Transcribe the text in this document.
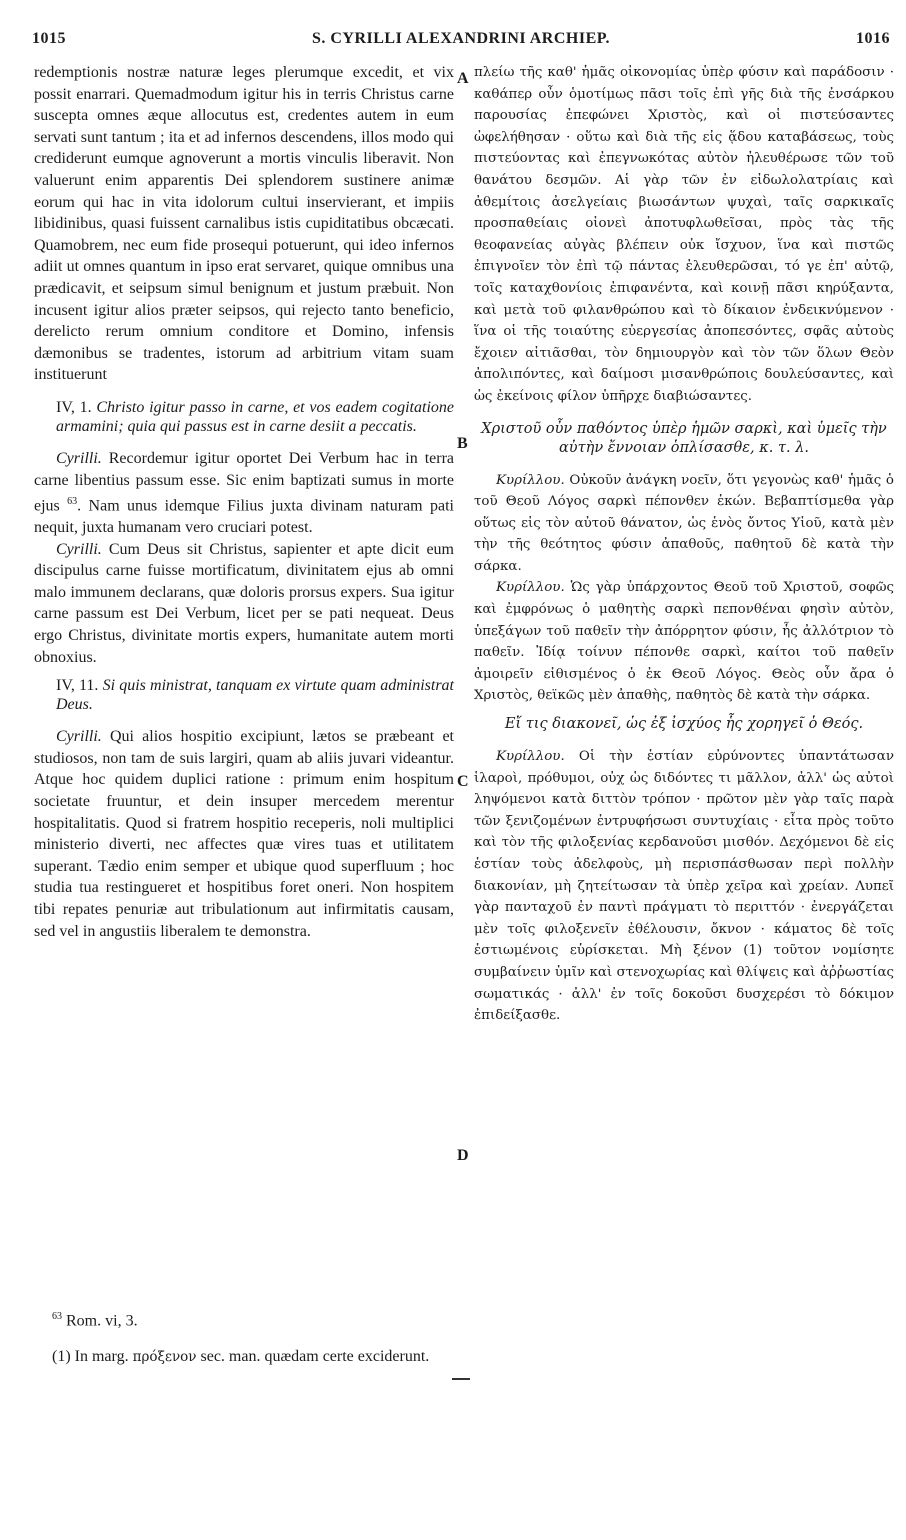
1015	S. CYRILLI ALEXANDRINI ARCHIEP.	1016
A
B
C
D

redemptionis nostræ naturæ leges plerumque excedit, et vix possit enarrari. Quemadmodum igitur his in terris Christus carne suscepta omnes æque allocutus est, credentes autem in eum servati sunt tantum ; ita et ad infernos descendens, illos modo qui crediderunt eumque agnoverunt a mortis vinculis liberavit. Non valuerunt enim apparentis Dei splendorem sustinere animæ eorum qui hac in vita idolorum cultui inservierant, et impiis libidinibus, quasi fuissent carnalibus istis cupiditatibus obcæcati. Quamobrem, nec eum fide prosequi potuerunt, qui ideo infernos adiit ut omnes quantum in ipso erat servaret, quique omnibus una prædicavit, et seipsum simul benignum et justum præbuit. Non incusent igitur alios præter seipsos, qui rejecto tanto beneficio, derelicto rerum omnium conditore et Domino, infensis dæmonibus se tradentes, istorum ad arbitrium vitam suam instituerunt

IV, 1. Christo igitur passo in carne, et vos eadem cogitatione armamini; quia qui passus est in carne desiit a peccatis.

Cyrilli. Recordemur igitur oportet Dei Verbum hac in terra carne libentius passum esse. Sic enim baptizati sumus in morte ejus $^{63}$. Nam unus idemque Filius juxta divinam naturam pati nequit, juxta humanam vero cruciari potest.

Cyrilli. Cum Deus sit Christus, sapienter et apte dicit eum discipulus carne fuisse mortificatum, divinitatem ejus ab omni malo immunem declarans, quæ doloris prorsus expers. Sua igitur carne passum est Dei Verbum, licet per se pati nequeat. Deus ergo Christus, divinitate mortis expers, humanitate autem morti obnoxius.

IV, 11. Si quis ministrat, tanquam ex virtute quam administrat Deus.

Cyrilli. Qui alios hospitio excipiunt, lætos se præbeant et studiosos, non tam de suis largiri, quam ab aliis juvari videantur. Atque hoc quidem duplici ratione : primum enim hospitum societate fruuntur, et dein insuper mercedem merentur hospitalitatis. Quod si fratrem hospitio receperis, noli multiplici ministerio diverti, nec affectes quæ vires tuas et utilitatem superant. Tædio enim semper et ubique quod superfluum ; hoc studia tua restingueret et hospitibus foret oneri. Non hospitem tibi repates penuriæ aut tribulationum aut infirmitatis causam, sed vel in angustiis liberalem te demonstra.

πλείω τῆς καθ' ἡμᾶς οἰκονομίας ὑπὲρ φύσιν καὶ παράδοσιν · καθάπερ οὖν ὁμοτίμως πᾶσι τοῖς ἐπὶ γῆς διὰ τῆς ἐνσάρκου παρουσίας ἐπεφώνει Χριστὸς, καὶ οἱ πιστεύσαντες ὠφελήθησαν · οὕτω καὶ διὰ τῆς εἰς ᾅδου καταβάσεως, τοὺς πιστεύοντας καὶ ἐπεγνωκότας αὐτὸν ἠλευθέρωσε τῶν τοῦ θανάτου δεσμῶν. Αἱ γὰρ τῶν ἐν εἰδωλολατρίαις καὶ ἀθεμίτοις ἀσελγείαις βιωσάντων ψυχαὶ, ταῖς σαρκικαῖς προσπαθείαις οἱονεὶ ἀποτυφλωθεῖσαι, πρὸς τὰς τῆς θεοφανείας αὐγὰς βλέπειν οὐκ ἴσχυον, ἵνα καὶ πιστῶς ἐπιγνοῖεν τὸν ἐπὶ τῷ πάντας ἐλευθερῶσαι, τό γε ἐπ' αὐτῷ, τοῖς καταχθονίοις ἐπιφανέντα, καὶ κοινῇ πᾶσι κηρύξαντα, καὶ μετὰ τοῦ φιλανθρώπου καὶ τὸ δίκαιον ἐνδεικνύμενον · ἵνα οἱ τῆς τοιαύτης εὐεργεσίας ἀποπεσόντες, σφᾶς αὐτοὺς ἔχοιεν αἰτιᾶσθαι, τὸν δημιουργὸν καὶ τὸν τῶν ὅλων Θεὸν ἀπολιπόντες, καὶ δαίμοσι μισανθρώποις δουλεύσαντες, καὶ ὡς ἐκείνοις φίλον ὑπῆρχε διαβιώσαντες.

Χριστοῦ οὖν παθόντος ὑπὲρ ἡμῶν σαρκὶ, καὶ ὑμεῖς τὴν αὐτὴν ἔννοιαν ὁπλίσασθε, κ. τ. λ.

Κυρίλλου. Οὐκοῦν ἀνάγκη νοεῖν, ὅτι γεγονὼς καθ' ἡμᾶς ὁ τοῦ Θεοῦ Λόγος σαρκὶ πέπονθεν ἑκών. Βεβαπτίσμεθα γὰρ οὕτως εἰς τὸν αὐτοῦ θάνατον, ὡς ἑνὸς ὄντος Υἱοῦ, κατὰ μὲν τὴν τῆς θεότητος φύσιν ἀπαθοῦς, παθητοῦ δὲ κατὰ τὴν σάρκα.

Κυρίλλου. Ὡς γὰρ ὑπάρχοντος Θεοῦ τοῦ Χριστοῦ, σοφῶς καὶ ἐμφρόνως ὁ μαθητὴς σαρκὶ πεπονθέναι φησὶν αὐτὸν, ὑπεξάγων τοῦ παθεῖν τὴν ἀπόρρητον φύσιν, ἧς ἀλλότριον τὸ παθεῖν. Ἰδίᾳ τοίνυν πέπονθε σαρκὶ, καίτοι τοῦ παθεῖν ἀμοιρεῖν εἰθισμένος ὁ ἐκ Θεοῦ Λόγος. Θεὸς οὖν ἄρα ὁ Χριστὸς, θεϊκῶς μὲν ἀπαθὴς, παθητὸς δὲ κατὰ τὴν σάρκα.

Εἴ τις διακονεῖ, ὡς ἐξ ἰσχύος ἧς χορηγεῖ ὁ Θεός.

Κυρίλλου. Οἱ τὴν ἑστίαν εὐρύνοντες ὑπαντάτωσαν ἱλαροὶ, πρόθυμοι, οὐχ ὡς διδόντες τι μᾶλλον, ἀλλ' ὡς αὐτοὶ ληψόμενοι κατὰ διττὸν τρόπον · πρῶτον μὲν γὰρ ταῖς παρὰ τῶν ξενιζομένων ἐντρυφήσωσι συντυχίαις · εἶτα πρὸς τοῦτο καὶ τὸν τῆς φιλοξενίας κερδανοῦσι μισθόν. Δεχόμενοι δὲ εἰς ἑστίαν τοὺς ἀδελφοὺς, μὴ περισπάσθωσαν περὶ πολλὴν διακονίαν, μὴ ζητείτωσαν τὰ ὑπὲρ χεῖρα καὶ χρείαν. Λυπεῖ γὰρ πανταχοῦ ἐν παντὶ πράγματι τὸ περιττόν · ἐνεργάζεται μὲν τοῖς φιλοξενεῖν ἐθέλουσιν, ὄκνον · κάματος δὲ τοῖς ἑστιωμένοις εὑρίσκεται. Μὴ ξένον (1) τοῦτον νομίσητε συμβαίνειν ὑμῖν καὶ στενοχωρίας καὶ θλίψεις καὶ ἀῤῥωστίας σωματικάς · ἀλλ' ἐν τοῖς δοκοῦσι δυσχερέσι τὸ δόκιμον ἐπιδείξασθε.

$^{63}$ Rom. vi, 3.

(1) In marg. πρόξενον sec. man. quædam certe exciderunt.
